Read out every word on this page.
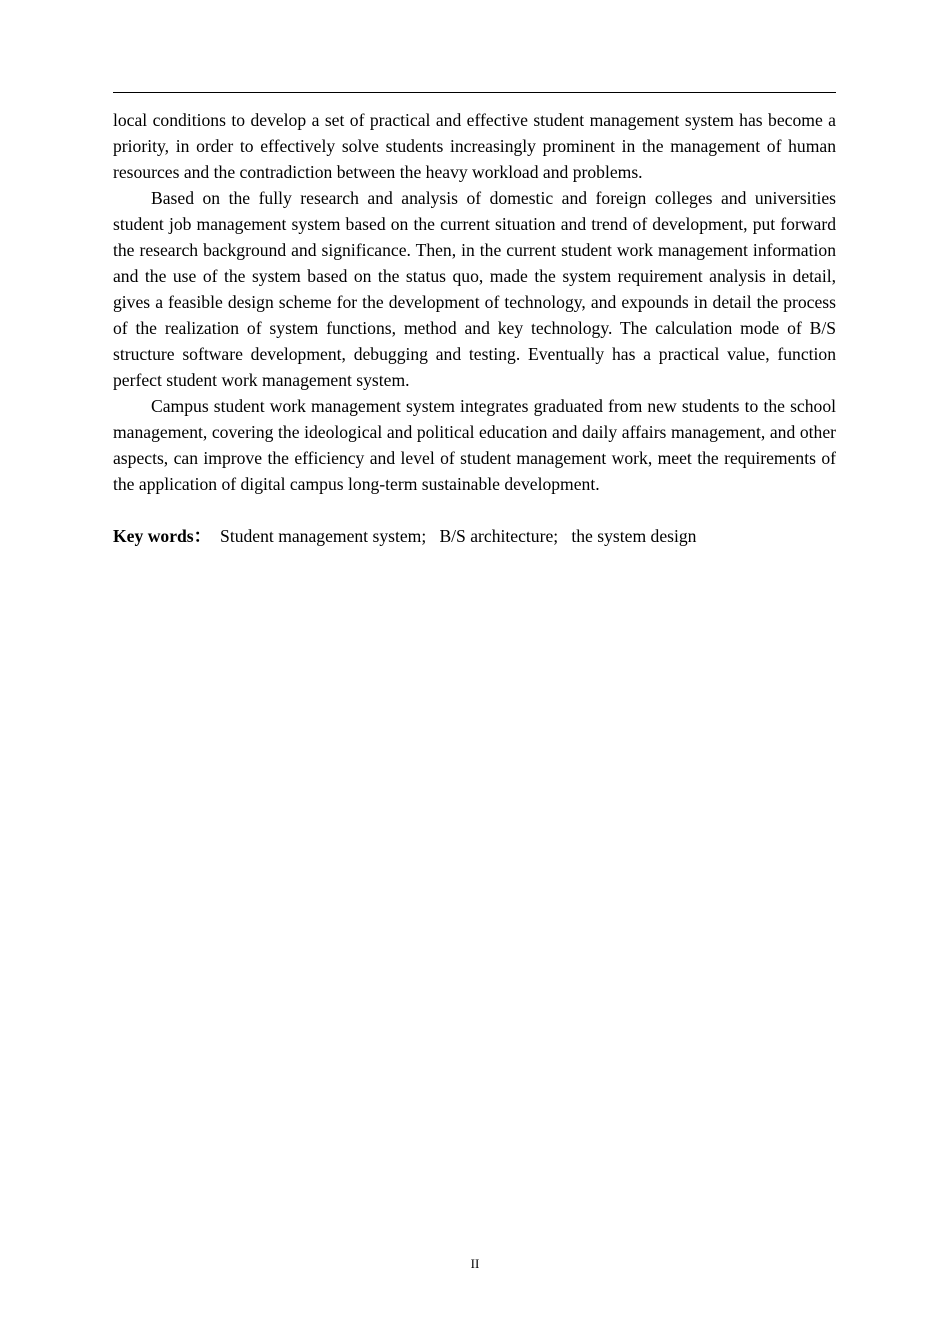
local conditions to develop a set of practical and effective student management system has become a priority, in order to effectively solve students increasingly prominent in the management of human resources and the contradiction between the heavy workload and problems.

Based on the fully research and analysis of domestic and foreign colleges and universities student job management system based on the current situation and trend of development, put forward the research background and significance. Then, in the current student work management information and the use of the system based on the status quo, made the system requirement analysis in detail, gives a feasible design scheme for the development of technology, and expounds in detail the process of the realization of system functions, method and key technology. The calculation mode of B/S structure software development, debugging and testing. Eventually has a practical value, function perfect student work management system.

Campus student work management system integrates graduated from new students to the school management, covering the ideological and political education and daily affairs management, and other aspects, can improve the efficiency and level of student management work, meet the requirements of the application of digital campus long-term sustainable development.

Key words： Student management system; B/S architecture; the system design

II
